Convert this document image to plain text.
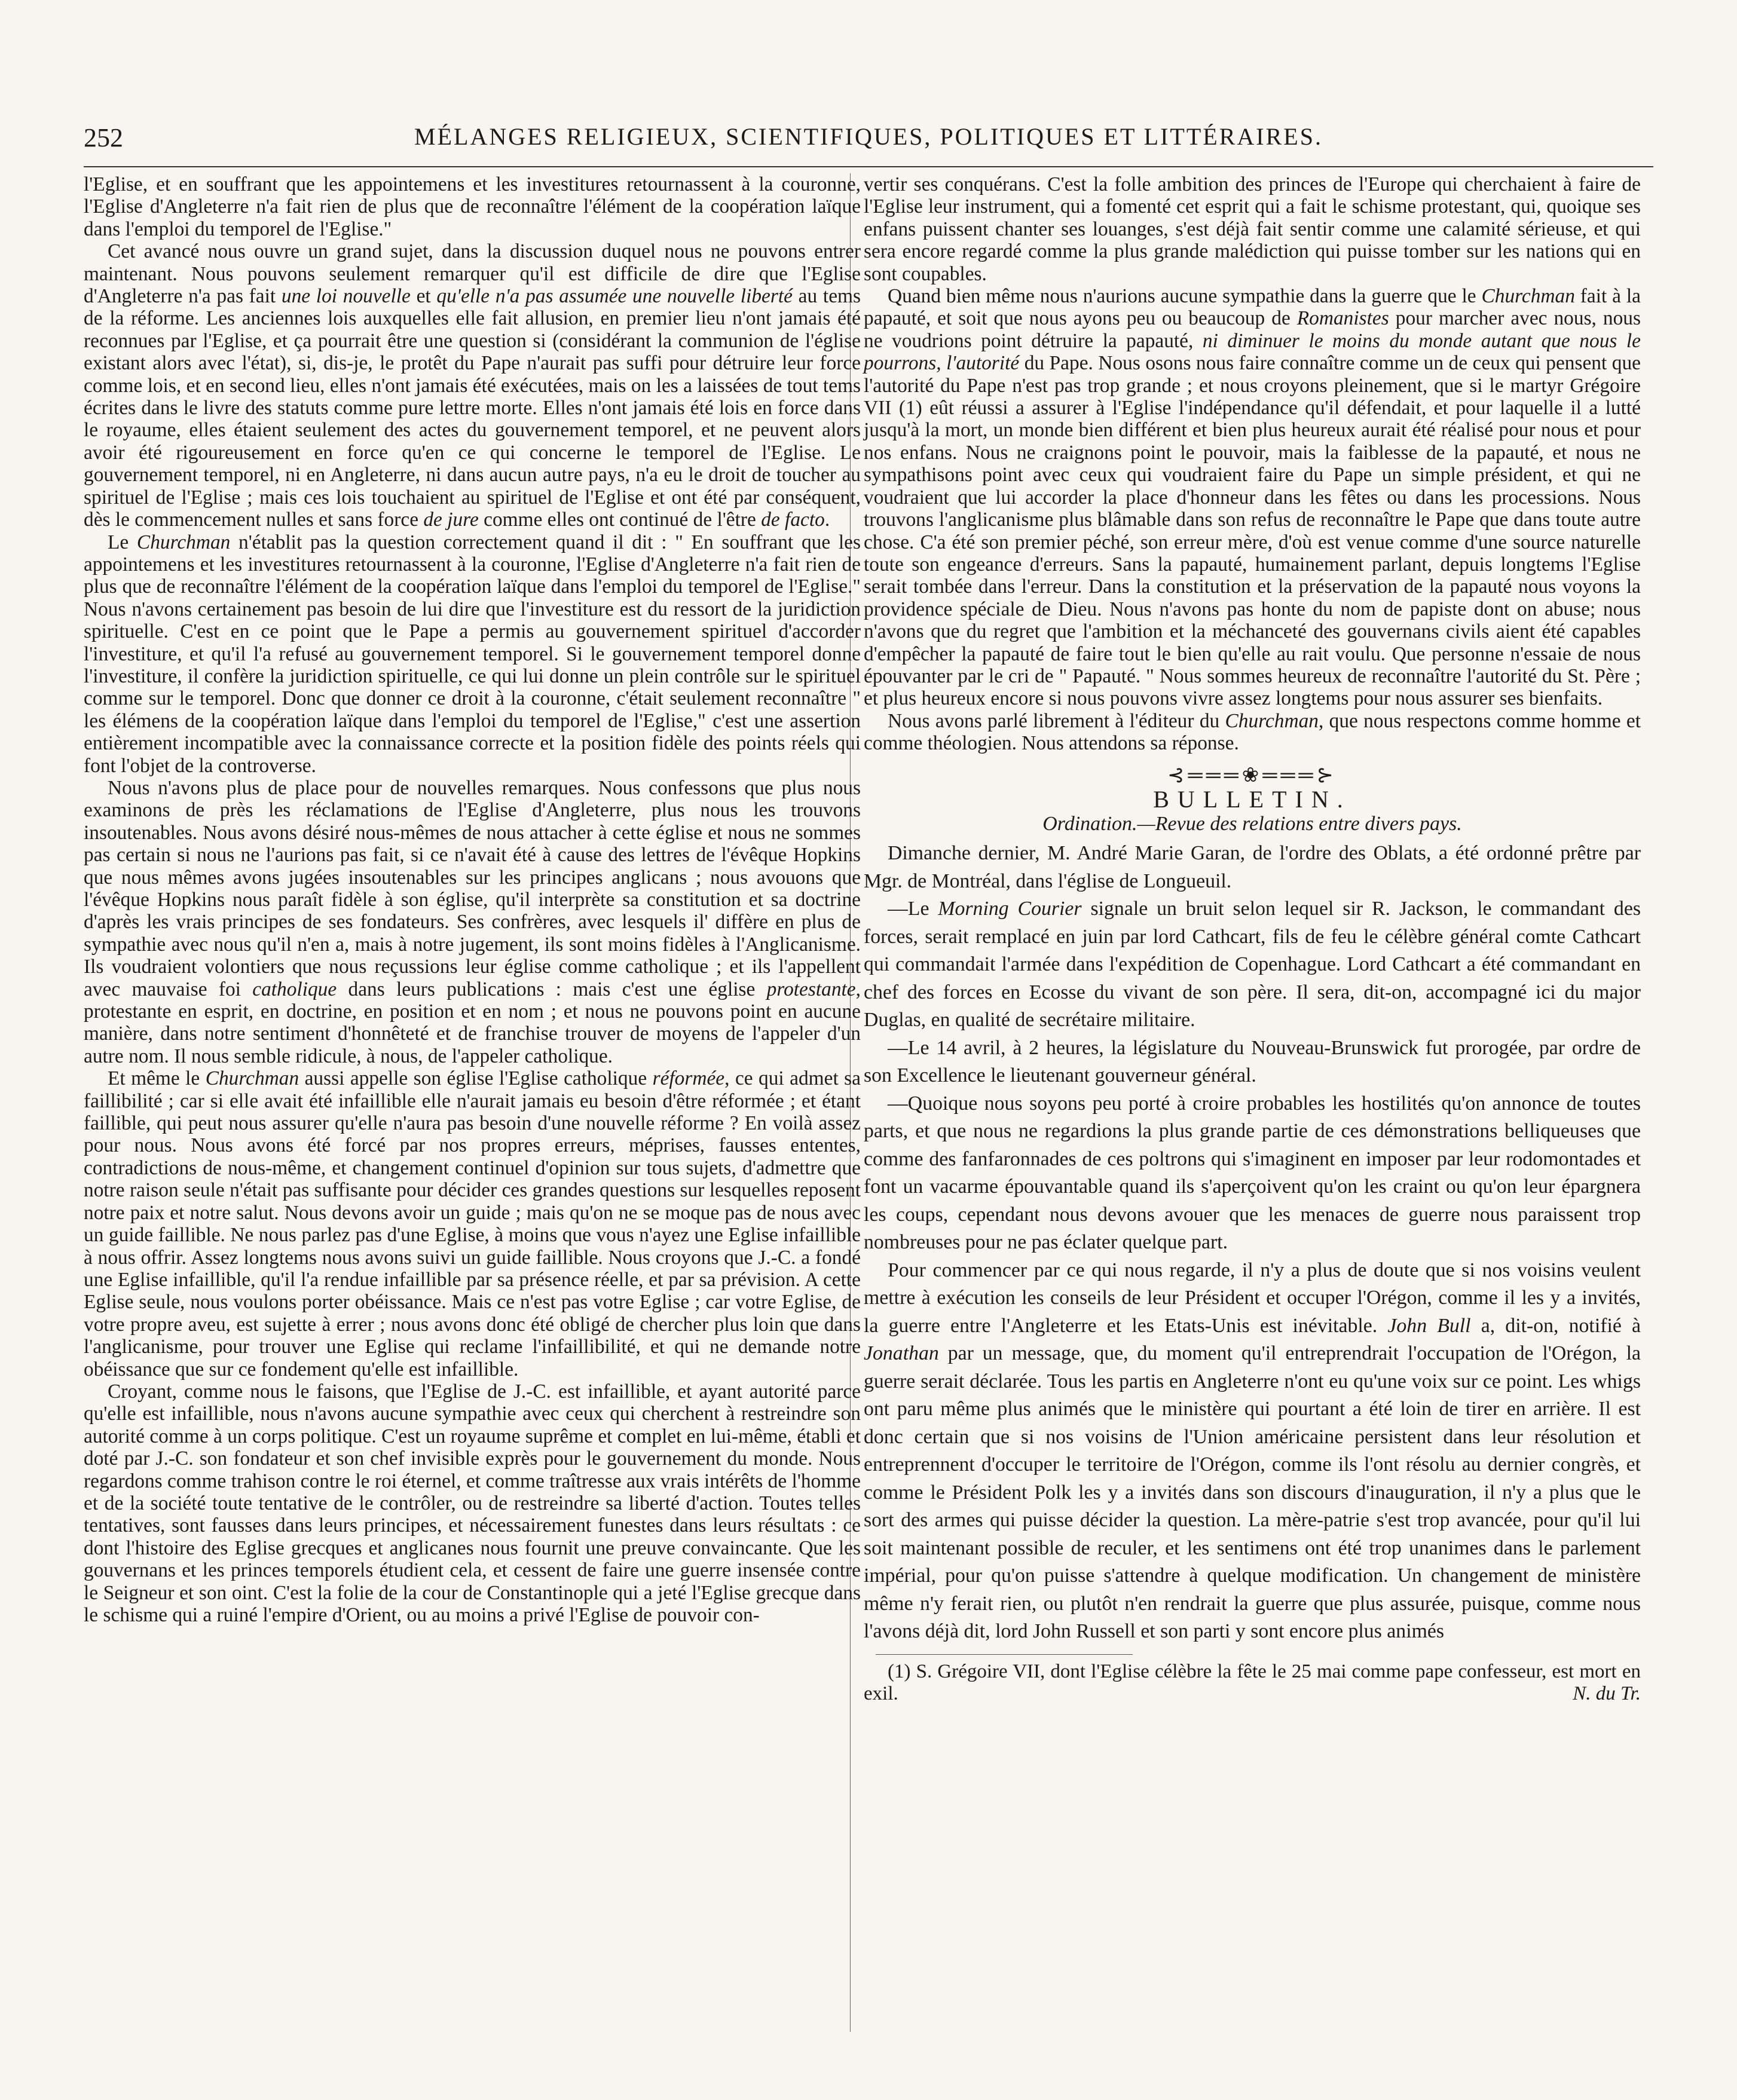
252	MÉLANGES RELIGIEUX, SCIENTIFIQUES, POLITIQUES ET LITTÉRAIRES.

l'Eglise, et en souffrant que les appointemens et les investitures retournassent à la couronne, l'Eglise d'Angleterre n'a fait rien de plus que de reconnaître l'élément de la coopération laïque dans l'emploi du temporel de l'Eglise."

Cet avancé nous ouvre un grand sujet, dans la discussion duquel nous ne pouvons entrer maintenant. Nous pouvons seulement remarquer qu'il est difficile de dire que l'Eglise d'Angleterre n'a pas fait une loi nouvelle et qu'elle n'a pas assumée une nouvelle liberté au tems de la réforme. Les anciennes lois auxquelles elle fait allusion, en premier lieu n'ont jamais été reconnues par l'Eglise, et ça pourrait être une question si (considérant la communion de l'église existant alors avec l'état), si, dis-je, le protêt du Pape n'aurait pas suffi pour détruire leur force comme lois, et en second lieu, elles n'ont jamais été exécutées, mais on les a laissées de tout tems écrites dans le livre des statuts comme pure lettre morte. Elles n'ont jamais été lois en force dans le royaume, elles étaient seulement des actes du gouvernement temporel, et ne peuvent alors avoir été rigoureusement en force qu'en ce qui concerne le temporel de l'Eglise. Le gouvernement temporel, ni en Angleterre, ni dans aucun autre pays, n'a eu le droit de toucher au spirituel de l'Eglise ; mais ces lois touchaient au spirituel de l'Eglise et ont été par conséquent, dès le commencement nulles et sans force de jure comme elles ont continué de l'être de facto.

Le Churchman n'établit pas la question correctement quand il dit : " En souffrant que les appointemens et les investitures retournassent à la couronne, l'Eglise d'Angleterre n'a fait rien de plus que de reconnaître l'élément de la coopération laïque dans l'emploi du temporel de l'Eglise." Nous n'avons certainement pas besoin de lui dire que l'investiture est du ressort de la juridiction spirituelle. C'est en ce point que le Pape a permis au gouvernement spirituel d'accorder l'investiture, et qu'il l'a refusé au gouvernement temporel. Si le gouvernement temporel donne l'investiture, il confère la juridiction spirituelle, ce qui lui donne un plein contrôle sur le spirituel comme sur le temporel. Donc que donner ce droit à la couronne, c'était seulement reconnaître " les élémens de la coopération laïque dans l'emploi du temporel de l'Eglise," c'est une assertion entièrement incompatible avec la connaissance correcte et la position fidèle des points réels qui font l'objet de la controverse.

Nous n'avons plus de place pour de nouvelles remarques. Nous confessons que plus nous examinons de près les réclamations de l'Eglise d'Angleterre, plus nous les trouvons insoutenables. Nous avons désiré nous-mêmes de nous attacher à cette église et nous ne sommes pas certain si nous ne l'aurions pas fait, si ce n'avait été à cause des lettres de l'évêque Hopkins que nous mêmes avons jugées insoutenables sur les principes anglicans ; nous avouons que l'évêque Hopkins nous paraît fidèle à son église, qu'il interprète sa constitution et sa doctrine d'après les vrais principes de ses fondateurs. Ses confrères, avec lesquels il' diffère en plus de sympathie avec nous qu'il n'en a, mais à notre jugement, ils sont moins fidèles à l'Anglicanisme. Ils voudraient volontiers que nous reçussions leur église comme catholique ; et ils l'appellent avec mauvaise foi catholique dans leurs publications : mais c'est une église protestante, protestante en esprit, en doctrine, en position et en nom ; et nous ne pouvons point en aucune manière, dans notre sentiment d'honnêteté et de franchise trouver de moyens de l'appeler d'un autre nom. Il nous semble ridicule, à nous, de l'appeler catholique.

Et même le Churchman aussi appelle son église l'Eglise catholique réformée, ce qui admet sa faillibilité ; car si elle avait été infaillible elle n'aurait jamais eu besoin d'être réformée ; et étant faillible, qui peut nous assurer qu'elle n'aura pas besoin d'une nouvelle réforme ? En voilà assez pour nous. Nous avons été forcé par nos propres erreurs, méprises, fausses ententes, contradictions de nous-même, et changement continuel d'opinion sur tous sujets, d'admettre que notre raison seule n'était pas suffisante pour décider ces grandes questions sur lesquelles reposent notre paix et notre salut. Nous devons avoir un guide ; mais qu'on ne se moque pas de nous avec un guide faillible. Ne nous parlez pas d'une Eglise, à moins que vous n'ayez une Eglise infaillible à nous offrir. Assez longtems nous avons suivi un guide faillible. Nous croyons que J.-C. a fondé une Eglise infaillible, qu'il l'a rendue infaillible par sa présence réelle, et par sa prévision. A cette Eglise seule, nous voulons porter obéissance. Mais ce n'est pas votre Eglise ; car votre Eglise, de votre propre aveu, est sujette à errer ; nous avons donc été obligé de chercher plus loin que dans l'anglicanisme, pour trouver une Eglise qui reclame l'infaillibilité, et qui ne demande notre obéissance que sur ce fondement qu'elle est infaillible.

Croyant, comme nous le faisons, que l'Eglise de J.-C. est infaillible, et ayant autorité parce qu'elle est infaillible, nous n'avons aucune sympathie avec ceux qui cherchent à restreindre son autorité comme à un corps politique. C'est un royaume suprême et complet en lui-même, établi et doté par J.-C. son fondateur et son chef invisible exprès pour le gouvernement du monde. Nous regardons comme trahison contre le roi éternel, et comme traîtresse aux vrais intérêts de l'homme et de la société toute tentative de le contrôler, ou de restreindre sa liberté d'action. Toutes telles tentatives, sont fausses dans leurs principes, et nécessairement funestes dans leurs résultats : ce dont l'histoire des Eglise grecques et anglicanes nous fournit une preuve convaincante. Que les gouvernans et les princes temporels étudient cela, et cessent de faire une guerre insensée contre le Seigneur et son oint. C'est la folie de la cour de Constantinople qui a jeté l'Eglise grecque dans le schisme qui a ruiné l'empire d'Orient, ou au moins a privé l'Eglise de pouvoir con-

vertir ses conquérans. C'est la folle ambition des princes de l'Europe qui cherchaient à faire de l'Eglise leur instrument, qui a fomenté cet esprit qui a fait le schisme protestant, qui, quoique ses enfans puissent chanter ses louanges, s'est déjà fait sentir comme une calamité sérieuse, et qui sera encore regardé comme la plus grande malédiction qui puisse tomber sur les nations qui en sont coupables.

Quand bien même nous n'aurions aucune sympathie dans la guerre que le Churchman fait à la papauté, et soit que nous ayons peu ou beaucoup de Romanistes pour marcher avec nous, nous ne voudrions point détruire la papauté, ni diminuer le moins du monde autant que nous le pourrons, l'autorité du Pape. Nous osons nous faire connaître comme un de ceux qui pensent que l'autorité du Pape n'est pas trop grande ; et nous croyons pleinement, que si le martyr Grégoire VII (1) eût réussi a assurer à l'Eglise l'indépendance qu'il défendait, et pour laquelle il a lutté jusqu'à la mort, un monde bien différent et bien plus heureux aurait été réalisé pour nous et pour nos enfans. Nous ne craignons point le pouvoir, mais la faiblesse de la papauté, et nous ne sympathisons point avec ceux qui voudraient faire du Pape un simple président, et qui ne voudraient que lui accorder la place d'honneur dans les fêtes ou dans les processions. Nous trouvons l'anglicanisme plus blâmable dans son refus de reconnaître le Pape que dans toute autre chose. C'a été son premier péché, son erreur mère, d'où est venue comme d'une source naturelle toute son engeance d'erreurs. Sans la papauté, humainement parlant, depuis longtems l'Eglise serait tombée dans l'erreur. Dans la constitution et la préservation de la papauté nous voyons la providence spéciale de Dieu. Nous n'avons pas honte du nom de papiste dont on abuse; nous n'avons que du regret que l'ambition et la méchanceté des gouvernans civils aient été capables d'empêcher la papauté de faire tout le bien qu'elle au rait voulu. Que personne n'essaie de nous épouvanter par le cri de " Papauté. " Nous sommes heureux de reconnaître l'autorité du St. Père ; et plus heureux encore si nous pouvons vivre assez longtems pour nous assurer ses bienfaits.

Nous avons parlé librement à l'éditeur du Churchman, que nous respectons comme homme et comme théologien. Nous attendons sa réponse.

⊰═══❀═══⊱
BULLETIN.
Ordination.—Revue des relations entre divers pays.

Dimanche dernier, M. André Marie Garan, de l'ordre des Oblats, a été ordonné prêtre par Mgr. de Montréal, dans l'église de Longueuil.

—Le Morning Courier signale un bruit selon lequel sir R. Jackson, le commandant des forces, serait remplacé en juin par lord Cathcart, fils de feu le célèbre général comte Cathcart qui commandait l'armée dans l'expédition de Copenhague. Lord Cathcart a été commandant en chef des forces en Ecosse du vivant de son père. Il sera, dit-on, accompagné ici du major Duglas, en qualité de secrétaire militaire.

—Le 14 avril, à 2 heures, la législature du Nouveau-Brunswick fut prorogée, par ordre de son Excellence le lieutenant gouverneur général.

—Quoique nous soyons peu porté à croire probables les hostilités qu'on annonce de toutes parts, et que nous ne regardions la plus grande partie de ces démonstrations belliqueuses que comme des fanfaronnades de ces poltrons qui s'imaginent en imposer par leur rodomontades et font un vacarme épouvantable quand ils s'aperçoivent qu'on les craint ou qu'on leur épargnera les coups, cependant nous devons avouer que les menaces de guerre nous paraissent trop nombreuses pour ne pas éclater quelque part.

Pour commencer par ce qui nous regarde, il n'y a plus de doute que si nos voisins veulent mettre à exécution les conseils de leur Président et occuper l'Orégon, comme il les y a invités, la guerre entre l'Angleterre et les Etats-Unis est inévitable. John Bull a, dit-on, notifié à Jonathan par un message, que, du moment qu'il entreprendrait l'occupation de l'Orégon, la guerre serait déclarée. Tous les partis en Angleterre n'ont eu qu'une voix sur ce point. Les whigs ont paru même plus animés que le ministère qui pourtant a été loin de tirer en arrière. Il est donc certain que si nos voisins de l'Union américaine persistent dans leur résolution et entreprennent d'occuper le territoire de l'Orégon, comme ils l'ont résolu au dernier congrès, et comme le Président Polk les y a invités dans son discours d'inauguration, il n'y a plus que le sort des armes qui puisse décider la question. La mère-patrie s'est trop avancée, pour qu'il lui soit maintenant possible de reculer, et les sentimens ont été trop unanimes dans le parlement impérial, pour qu'on puisse s'attendre à quelque modification. Un changement de ministère même n'y ferait rien, ou plutôt n'en rendrait la guerre que plus assurée, puisque, comme nous l'avons déjà dit, lord John Russell et son parti y sont encore plus animés

(1) S. Grégoire VII, dont l'Eglise célèbre la fête le 25 mai comme pape confesseur, est mort en exil.	N. du Tr.
